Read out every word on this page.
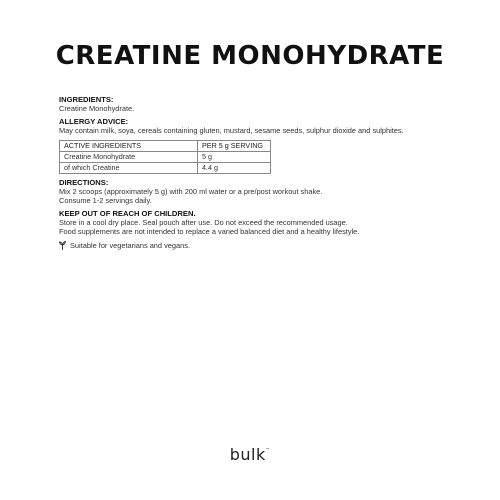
CREATINE MONOHYDRATE
INGREDIENTS:
Creatine Monohydrate.
ALLERGY ADVICE:
May contain milk, soya, cereals containing gluten, mustard, sesame seeds, sulphur dioxide and sulphites.
ACTIVE INGREDIENTS	PER 5 g SERVING
Creatine Monohydrate	5 g
of which Creatine	4.4 g
DIRECTIONS:
Mix 2 scoops (approximately 5 g) with 200 ml water or a pre/post workout shake.
Consume 1-2 servings daily.
KEEP OUT OF REACH OF CHILDREN.
Store in a cool dry place. Seal pouch after use. Do not exceed the recommended usage.
Food supplements are not intended to replace a varied balanced diet and a healthy lifestyle.
Suitable for vegetarians and vegans.
bulk™
